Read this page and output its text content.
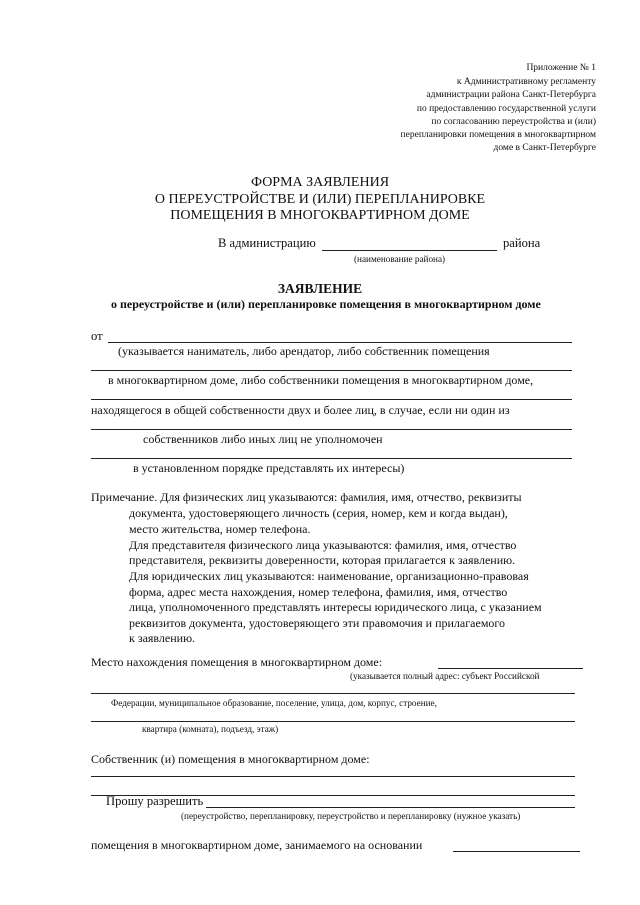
Приложение № 1
к Административному регламенту
администрации района Санкт-Петербурга
по предоставлению государственной услуги
по согласованию переустройства и (или)
перепланировки помещения в многоквартирном
доме в Санкт-Петербурге
ФОРМА ЗАЯВЛЕНИЯ
О ПЕРЕУСТРОЙСТВЕ И (ИЛИ) ПЕРЕПЛАНИРОВКЕ
ПОМЕЩЕНИЯ В МНОГОКВАРТИРНОМ ДОМЕ
В администрацию	района
(наименование района)
ЗАЯВЛЕНИЕ
о переустройстве и (или) перепланировке помещения в многоквартирном доме
от
(указывается наниматель, либо арендатор, либо собственник помещения
в многоквартирном доме, либо собственники помещения в многоквартирном доме,
находящегося в общей собственности двух и более лиц, в случае, если ни один из
собственников либо иных лиц не уполномочен
в установленном порядке представлять их интересы)
Примечание. Для физических лиц указываются: фамилия, имя, отчество, реквизиты
документа, удостоверяющего личность (серия, номер, кем и когда выдан),
место жительства, номер телефона.
Для представителя физического лица указываются: фамилия, имя, отчество
представителя, реквизиты доверенности, которая прилагается к заявлению.
Для юридических лиц указываются: наименование, организационно-правовая
форма, адрес места нахождения, номер телефона, фамилия, имя, отчество
лица, уполномоченного представлять интересы юридического лица, с указанием
реквизитов документа, удостоверяющего эти правомочия и прилагаемого
к заявлению.
Место нахождения помещения в многоквартирном доме:
(указывается полный адрес: субъект Российской
Федерации, муниципальное образование, поселение, улица, дом, корпус, строение,
квартира (комната), подъезд, этаж)
Собственник (и) помещения в многоквартирном доме:
Прошу разрешить
(переустройство, перепланировку, переустройство и перепланировку (нужное указать)
помещения в многоквартирном доме, занимаемого на основании
